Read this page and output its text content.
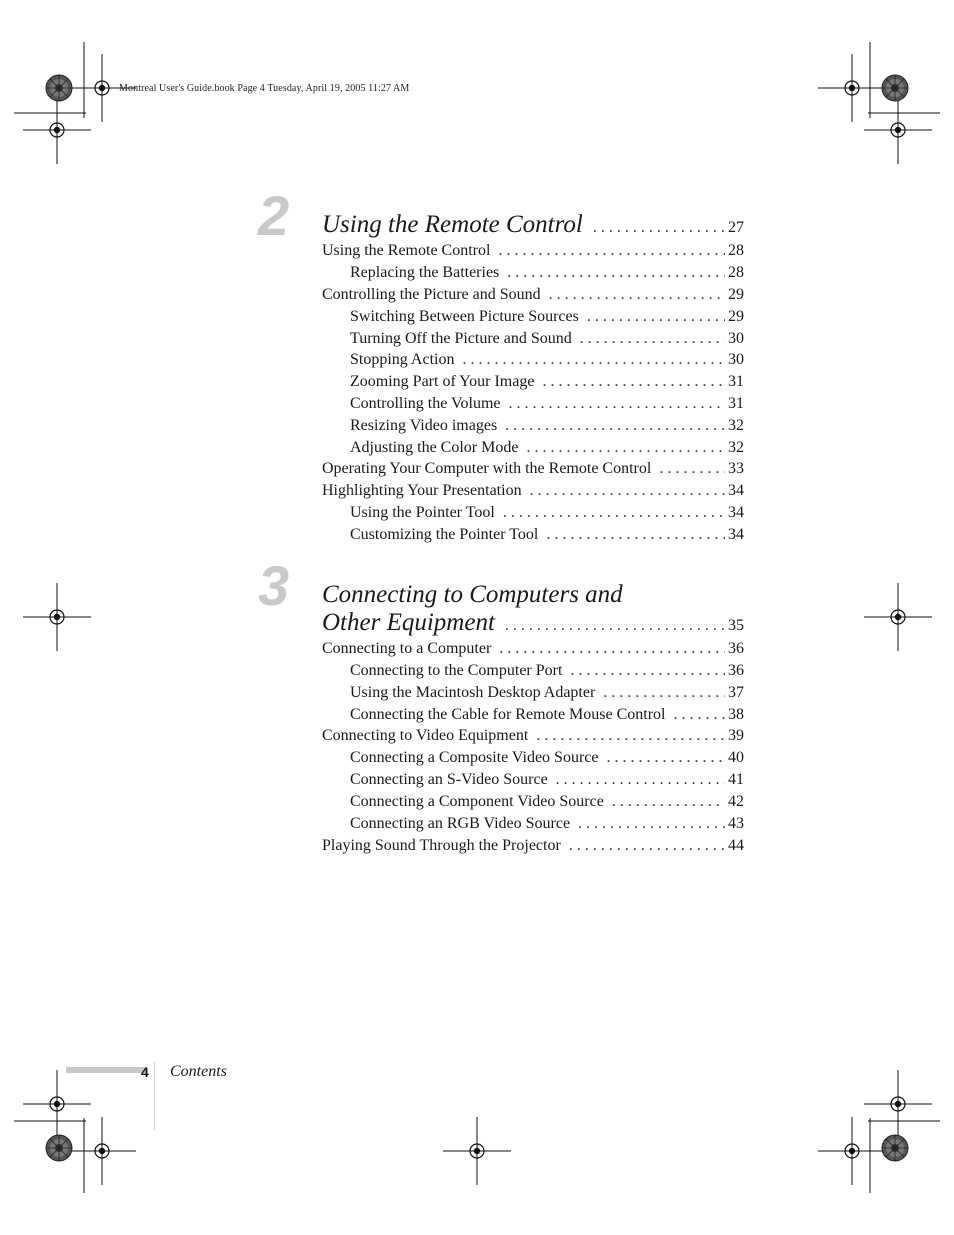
Montreal User's Guide.book Page 4 Tuesday, April 19, 2005 11:27 AM
2 Using the Remote Control . . .	27
Using the Remote Control . . .	28
Replacing the Batteries . . .	28
Controlling the Picture and Sound . . .	29
Switching Between Picture Sources . . .	29
Turning Off the Picture and Sound . . .	30
Stopping Action . . .	30
Zooming Part of Your Image . . .	31
Controlling the Volume . . .	31
Resizing Video images . . .	32
Adjusting the Color Mode . . .	32
Operating Your Computer with the Remote Control . . .	33
Highlighting Your Presentation . . .	34
Using the Pointer Tool . . .	34
Customizing the Pointer Tool . . .	34
3 Connecting to Computers and
Other Equipment . . .	35
Connecting to a Computer . . .	36
Connecting to the Computer Port . . .	36
Using the Macintosh Desktop Adapter . . .	37
Connecting the Cable for Remote Mouse Control . . .	38
Connecting to Video Equipment . . .	39
Connecting a Composite Video Source . . .	40
Connecting an S-Video Source . . .	41
Connecting a Component Video Source . . .	42
Connecting an RGB Video Source . . .	43
Playing Sound Through the Projector . . .	44
4 Contents
